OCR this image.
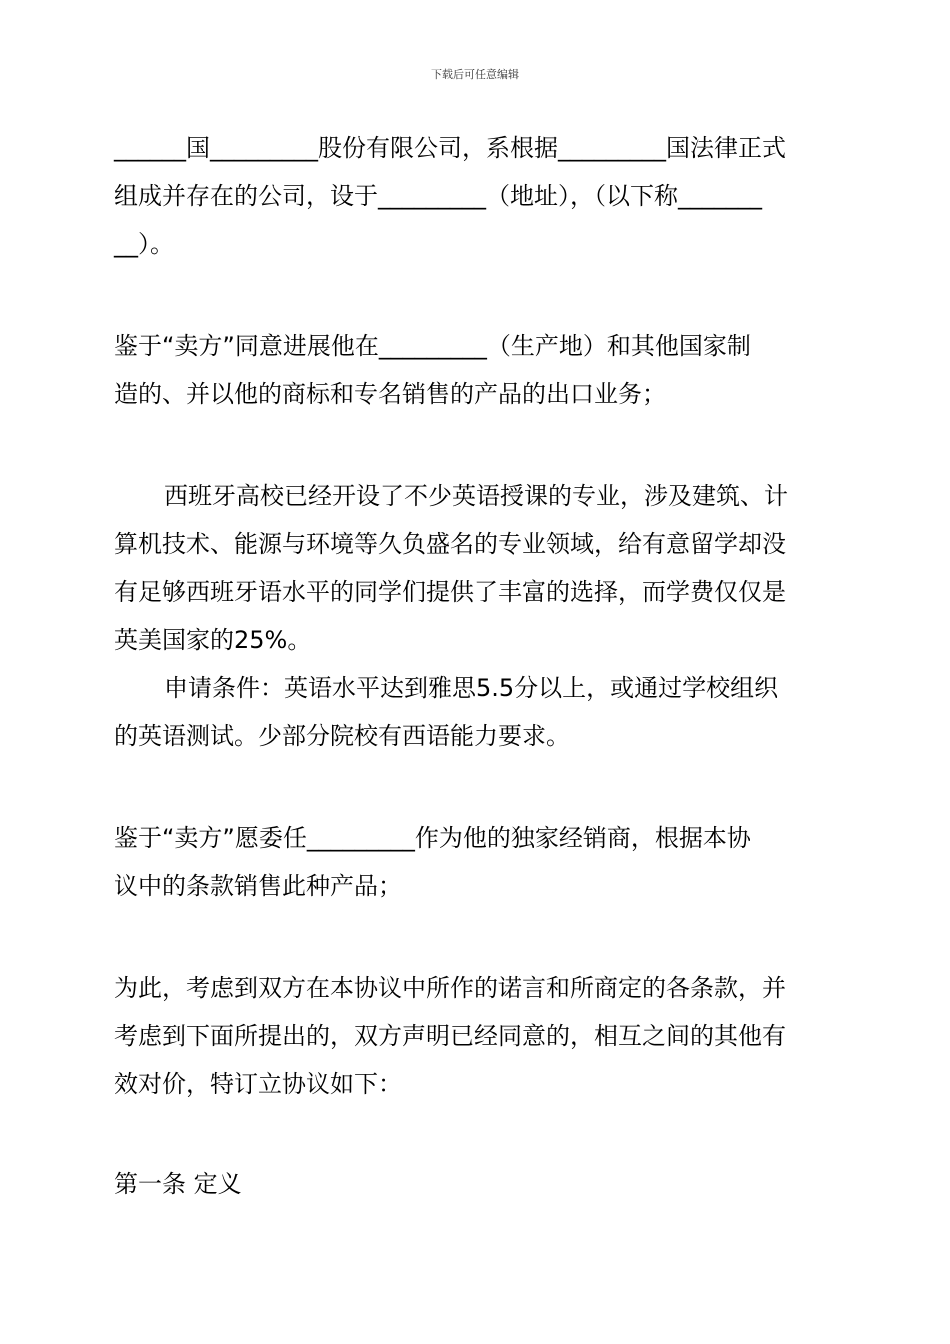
下载后可任意编辑
______国_________股份有限公司，系根据_________国法律正式
组成并存在的公司，设于_________（地址），（以下称_______
__）。
鉴于“卖方”同意进展他在_________（生产地）和其他国家制
造的、并以他的商标和专名销售的产品的出口业务；
西班牙高校已经开设了不少英语授课的专业，涉及建筑、计
算机技术、能源与环境等久负盛名的专业领域，给有意留学却没
有足够西班牙语水平的同学们提供了丰富的选择，而学费仅仅是
英美国家的25%。
申请条件：英语水平达到雅思5.5分以上，或通过学校组织
的英语测试。少部分院校有西语能力要求。
鉴于“卖方”愿委任_________作为他的独家经销商，根据本协
议中的条款销售此种产品；
为此，考虑到双方在本协议中所作的诺言和所商定的各条款，并
考虑到下面所提出的，双方声明已经同意的，相互之间的其他有
效对价，特订立协议如下：
第一条 定义
